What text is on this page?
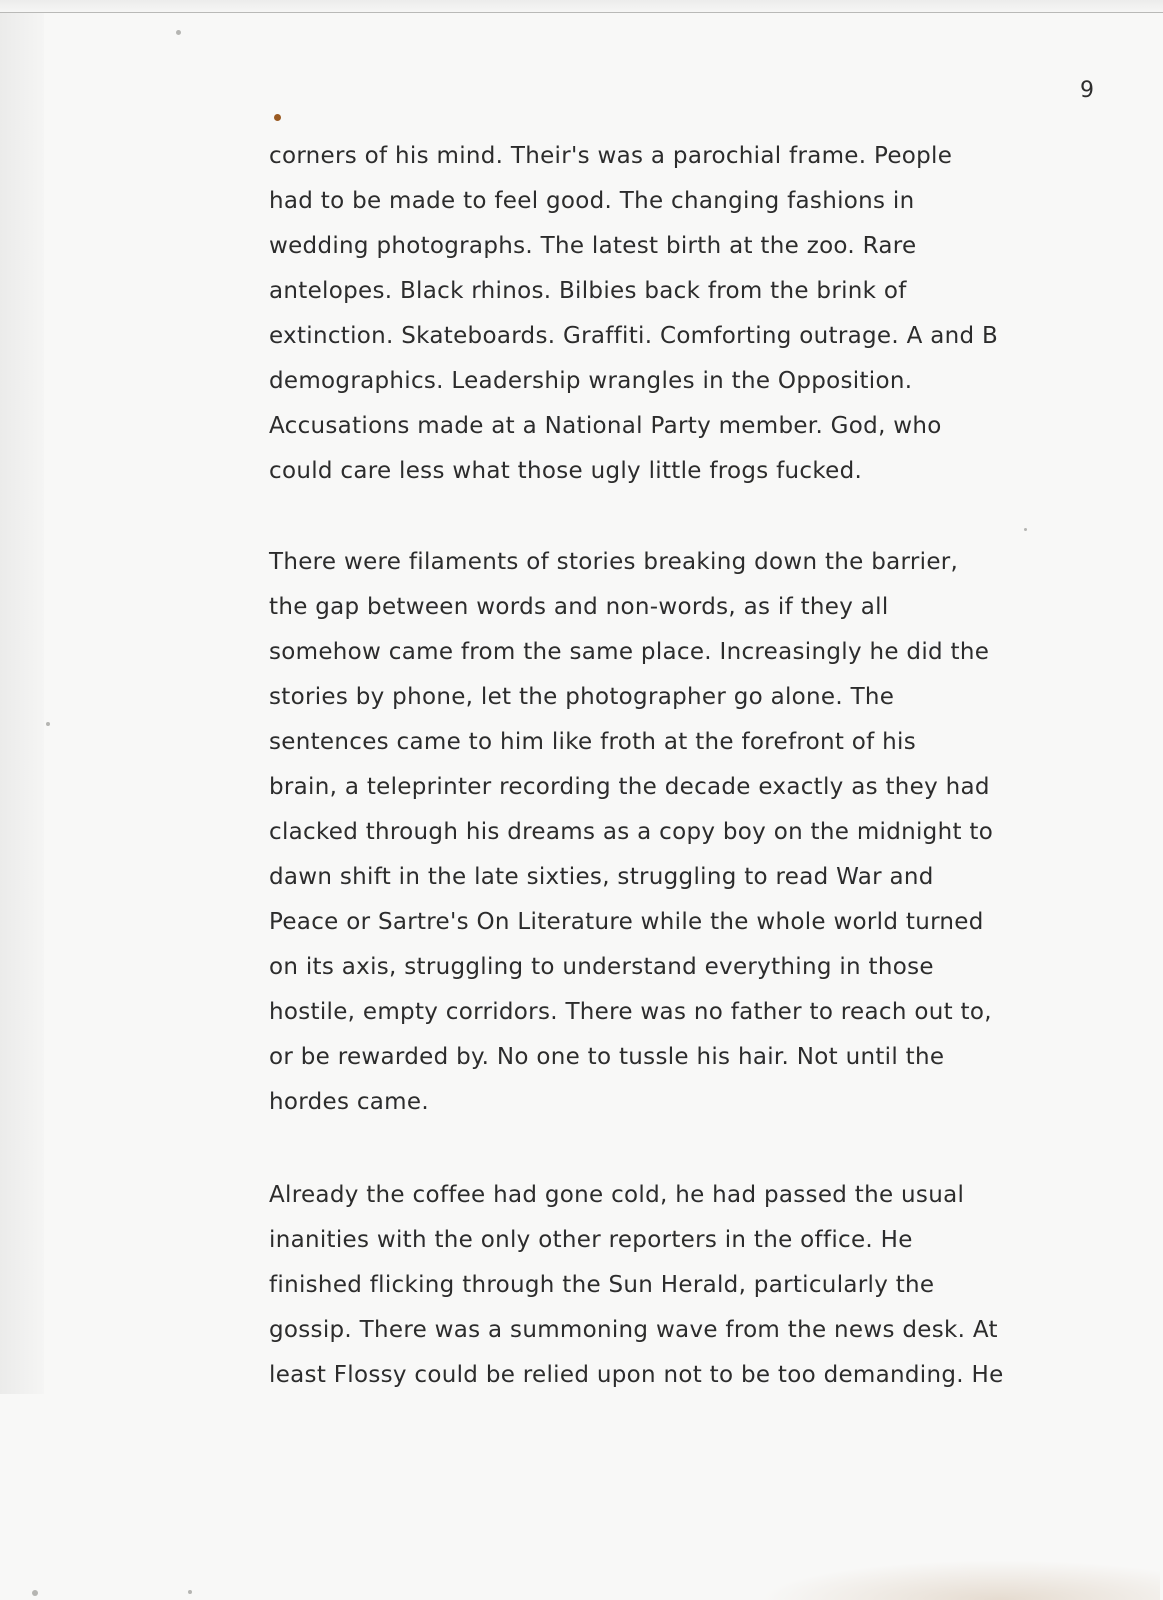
9
corners of his mind. Their's was a parochial frame. People
had to be made to feel good. The changing fashions in
wedding photographs. The latest birth at the zoo. Rare
antelopes. Black rhinos. Bilbies back from the brink of
extinction. Skateboards. Graffiti. Comforting outrage. A and B
demographics. Leadership wrangles in the Opposition.
Accusations made at a National Party member. God, who
could care less what those ugly little frogs fucked.
There were filaments of stories breaking down the barrier,
the gap between words and non-words, as if they all
somehow came from the same place. Increasingly he did the
stories by phone, let the photographer go alone. The
sentences came to him like froth at the forefront of his
brain, a teleprinter recording the decade exactly as they had
clacked through his dreams as a copy boy on the midnight to
dawn shift in the late sixties, struggling to read War and
Peace or Sartre's On Literature while the whole world turned
on its axis, struggling to understand everything in those
hostile, empty corridors. There was no father to reach out to,
or be rewarded by. No one to tussle his hair. Not until the
hordes came.
Already the coffee had gone cold, he had passed the usual
inanities with the only other reporters in the office. He
finished flicking through the Sun Herald, particularly the
gossip. There was a summoning wave from the news desk. At
least Flossy could be relied upon not to be too demanding. He
